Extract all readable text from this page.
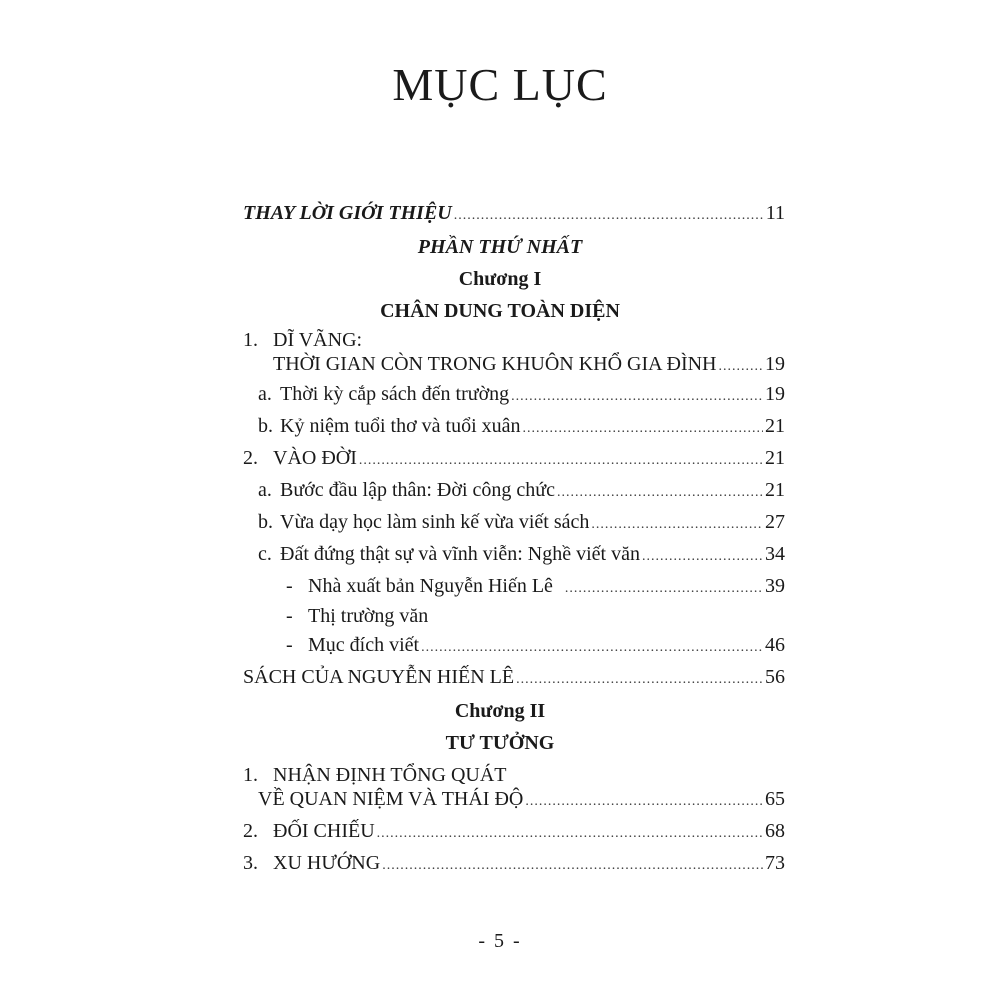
MỤC LỤC
THAY LỜI GIỚI THIỆU .....	11
PHẦN THỨ NHẤT
Chương I
CHÂN DUNG TOÀN DIỆN
1. DĨ VÃNG:
THỜI GIAN CÒN TRONG KHUÔN KHỔ GIA ĐÌNH ..... 19
a. Thời kỳ cắp sách đến trường .....	19
b. Kỷ niệm tuổi thơ và tuổi xuân .....	21
2. VÀO ĐỜI .....	21
a. Bước đầu lập thân: Đời công chức .....	21
b. Vừa dạy học làm sinh kế vừa viết sách .....	27
c. Đất đứng thật sự và vĩnh viễn: Nghề viết văn .....	34
- Nhà xuất bản Nguyễn Hiến Lê .....	39
- Thị trường văn
- Mục đích viết .....	46
SÁCH CỦA NGUYỄN HIẾN LÊ .....	56
Chương II
TƯ TƯỞNG
1. NHẬN ĐỊNH TỔNG QUÁT
VỀ QUAN NIỆM VÀ THÁI ĐỘ .....	65
2. ĐỐI CHIẾU .....	68
3. XU HƯỚNG .....	73
- 5 -
